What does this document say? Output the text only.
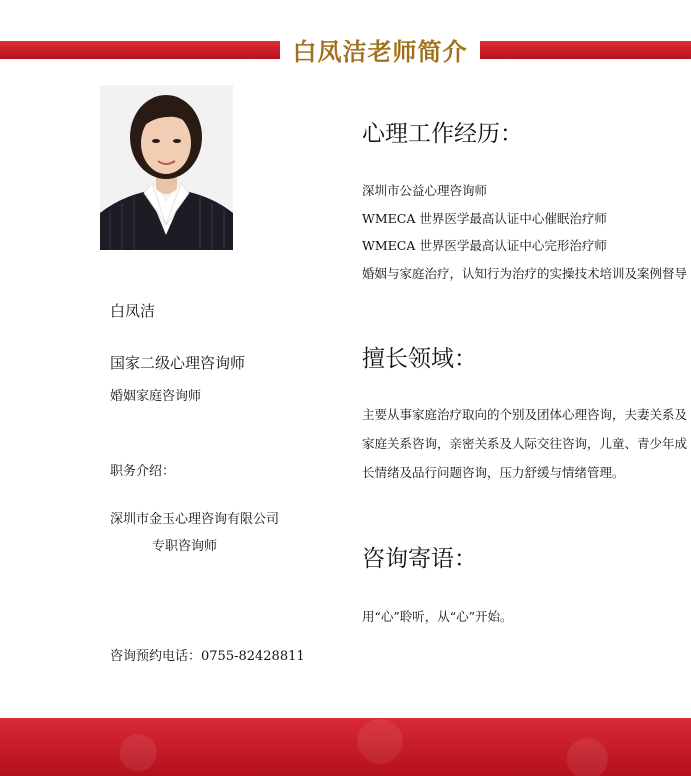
白凤洁老师简介
白凤洁
国家二级心理咨询师
婚姻家庭咨询师
职务介绍：
深圳市金玉心理咨询有限公司
专职咨询师
咨询预约电话：0755-82428811
心理工作经历：
深圳市公益心理咨询师
WMECA 世界医学最高认证中心催眠治疗师
WMECA 世界医学最高认证中心完形治疗师
婚姻与家庭治疗，认知行为治疗的实操技术培训及案例督导
擅长领域：

主要从事家庭治疗取向的个别及团体心理咨询，夫妻关系及家庭关系咨询，亲密关系及人际交往咨询，儿童、青少年成长情绪及品行问题咨询，压力舒缓与情绪管理。

咨询寄语：

用“心”聆听，从“心”开始。
